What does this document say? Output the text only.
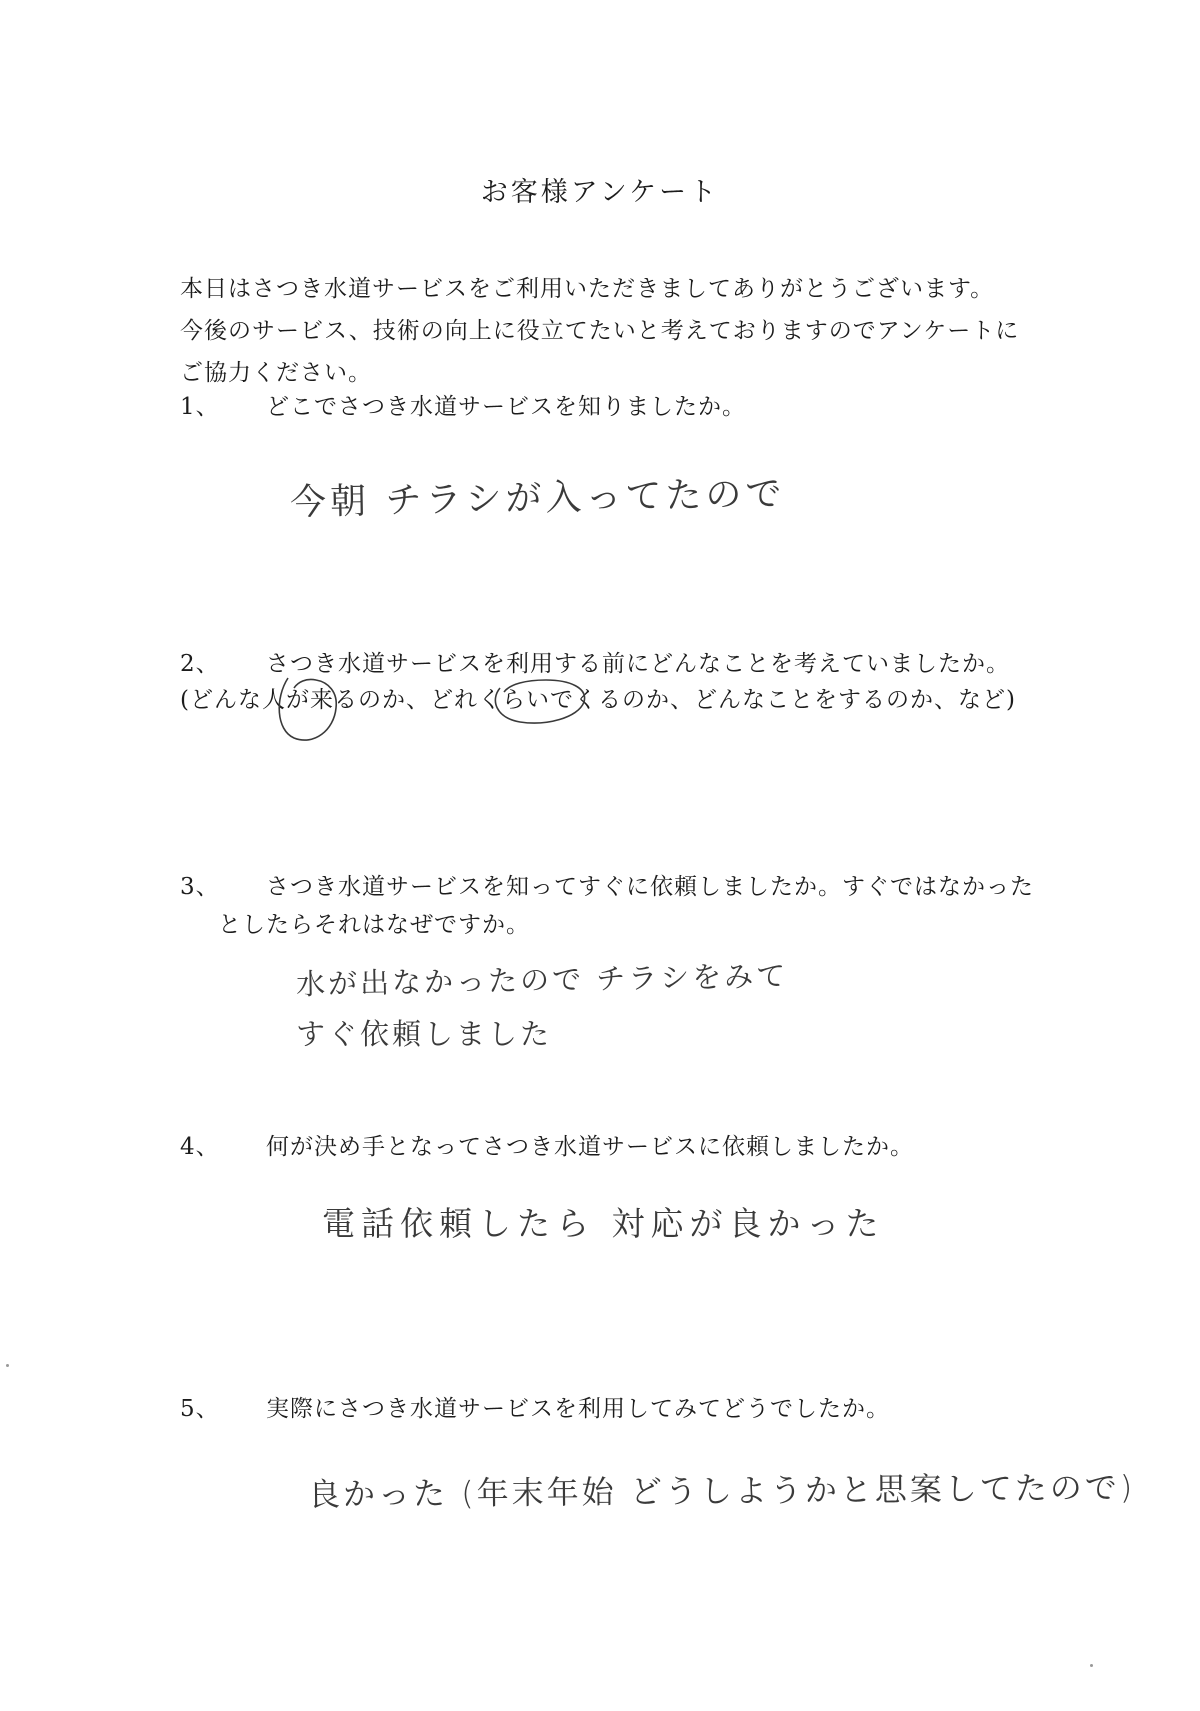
お客様アンケート
本日はさつき水道サービスをご利用いただきましてありがとうございます。
今後のサービス、技術の向上に役立てたいと考えておりますのでアンケートに
ご協力ください。
1、 どこでさつき水道サービスを知りましたか。
今朝 チラシが入ってたので
2、 さつき水道サービスを利用する前にどんなことを考えていましたか。
(どんな人が来るのか、どれくらいでくるのか、どんなことをするのか、など)
3、 さつき水道サービスを知ってすぐに依頼しましたか。すぐではなかった
としたらそれはなぜですか。
水が出なかったので チラシをみて
すぐ依頼しました
4、 何が決め手となってさつき水道サービスに依頼しましたか。
電話依頼したら 対応が良かった
5、 実際にさつき水道サービスを利用してみてどうでしたか。
良かった (年末年始 どうしようかと思案してたので)
